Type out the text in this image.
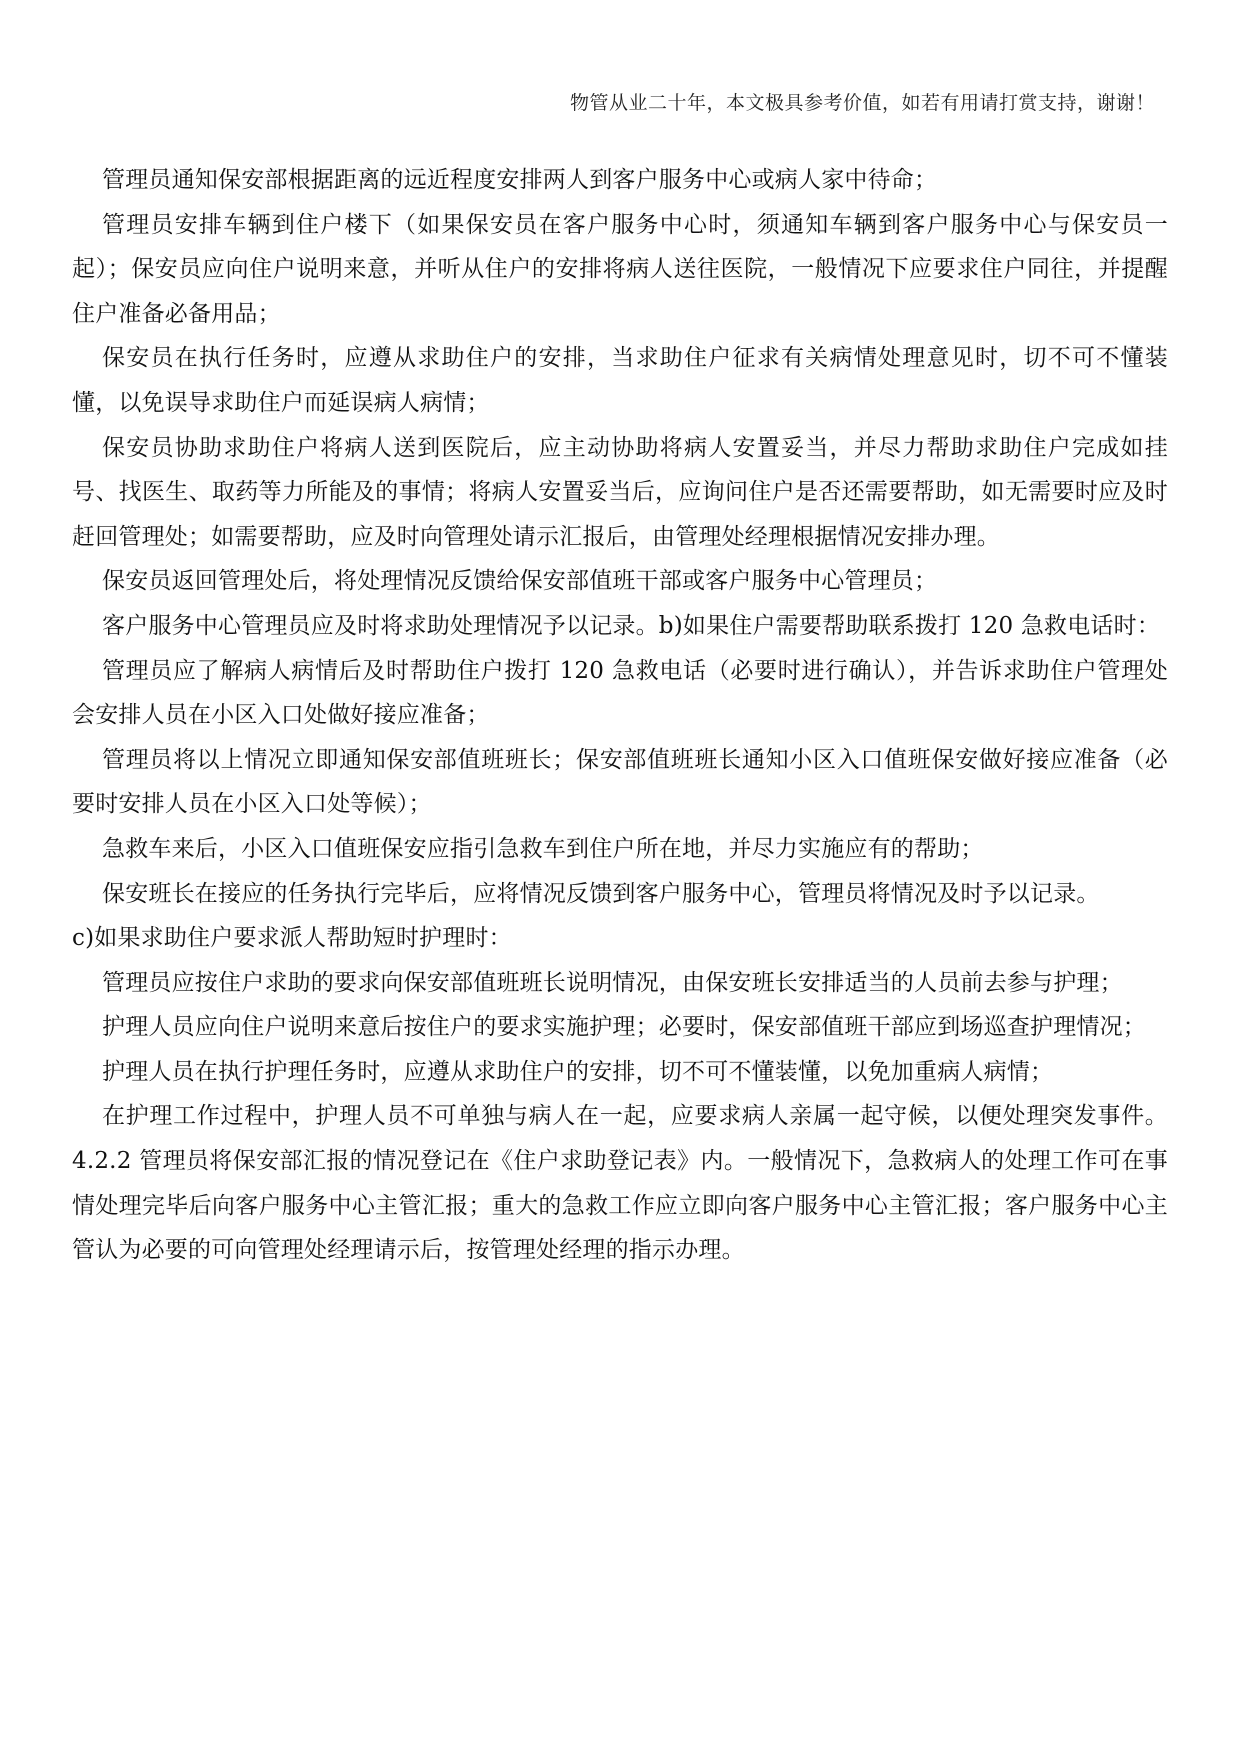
物管从业二十年，本文极具参考价值，如若有用请打赏支持，谢谢！

管理员通知保安部根据距离的远近程度安排两人到客户服务中心或病人家中待命；

管理员安排车辆到住户楼下（如果保安员在客户服务中心时，须通知车辆到客户服务中心与保安员一起）；保安员应向住户说明来意，并听从住户的安排将病人送往医院，一般情况下应要求住户同往，并提醒住户准备必备用品；

保安员在执行任务时，应遵从求助住户的安排，当求助住户征求有关病情处理意见时，切不可不懂装懂，以免误导求助住户而延误病人病情；

保安员协助求助住户将病人送到医院后，应主动协助将病人安置妥当，并尽力帮助求助住户完成如挂号、找医生、取药等力所能及的事情；将病人安置妥当后，应询问住户是否还需要帮助，如无需要时应及时赶回管理处；如需要帮助，应及时向管理处请示汇报后，由管理处经理根据情况安排办理。

保安员返回管理处后，将处理情况反馈给保安部值班干部或客户服务中心管理员；

客户服务中心管理员应及时将求助处理情况予以记录。b)如果住户需要帮助联系拨打 120 急救电话时：

管理员应了解病人病情后及时帮助住户拨打 120 急救电话（必要时进行确认），并告诉求助住户管理处会安排人员在小区入口处做好接应准备；

管理员将以上情况立即通知保安部值班班长；保安部值班班长通知小区入口值班保安做好接应准备（必要时安排人员在小区入口处等候）；

急救车来后，小区入口值班保安应指引急救车到住户所在地，并尽力实施应有的帮助；

保安班长在接应的任务执行完毕后，应将情况反馈到客户服务中心，管理员将情况及时予以记录。

c)如果求助住户要求派人帮助短时护理时：

管理员应按住户求助的要求向保安部值班班长说明情况，由保安班长安排适当的人员前去参与护理；

护理人员应向住户说明来意后按住户的要求实施护理；必要时，保安部值班干部应到场巡查护理情况；

护理人员在执行护理任务时，应遵从求助住户的安排，切不可不懂装懂，以免加重病人病情；

在护理工作过程中，护理人员不可单独与病人在一起，应要求病人亲属一起守候，以便处理突发事件。4.2.2 管理员将保安部汇报的情况登记在《住户求助登记表》内。一般情况下，急救病人的处理工作可在事情处理完毕后向客户服务中心主管汇报；重大的急救工作应立即向客户服务中心主管汇报；客户服务中心主管认为必要的可向管理处经理请示后，按管理处经理的指示办理。
